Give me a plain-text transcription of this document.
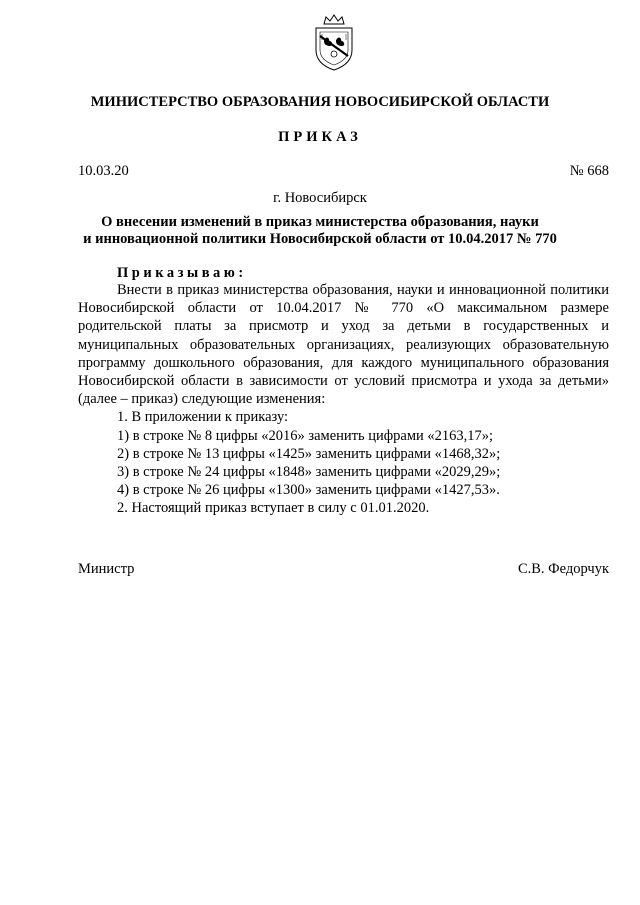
МИНИСТЕРСТВО ОБРАЗОВАНИЯ НОВОСИБИРСКОЙ ОБЛАСТИ
ПРИКАЗ
10.03.20	№ 668
г. Новосибирск
О внесении изменений в приказ министерства образования, науки
и инновационной политики Новосибирской области от 10.04.2017 № 770
Приказываю:

Внести в приказ министерства образования, науки и инновационной политики Новосибирской области от 10.04.2017 № 770 «О максимальном размере родительской платы за присмотр и уход за детьми в государственных и муниципальных образовательных организациях, реализующих образовательную программу дошкольного образования, для каждого муниципального образования Новосибирской области в зависимости от условий присмотра и ухода за детьми» (далее – приказ) следующие изменения:

1. В приложении к приказу:

1) в строке № 8 цифры «2016» заменить цифрами «2163,17»;

2) в строке № 13 цифры «1425» заменить цифрами «1468,32»;

3) в строке № 24 цифры «1848» заменить цифрами «2029,29»;

4) в строке № 26 цифры «1300» заменить цифрами «1427,53».

2. Настоящий приказ вступает в силу с 01.01.2020.

Министр	С.В. Федорчук
